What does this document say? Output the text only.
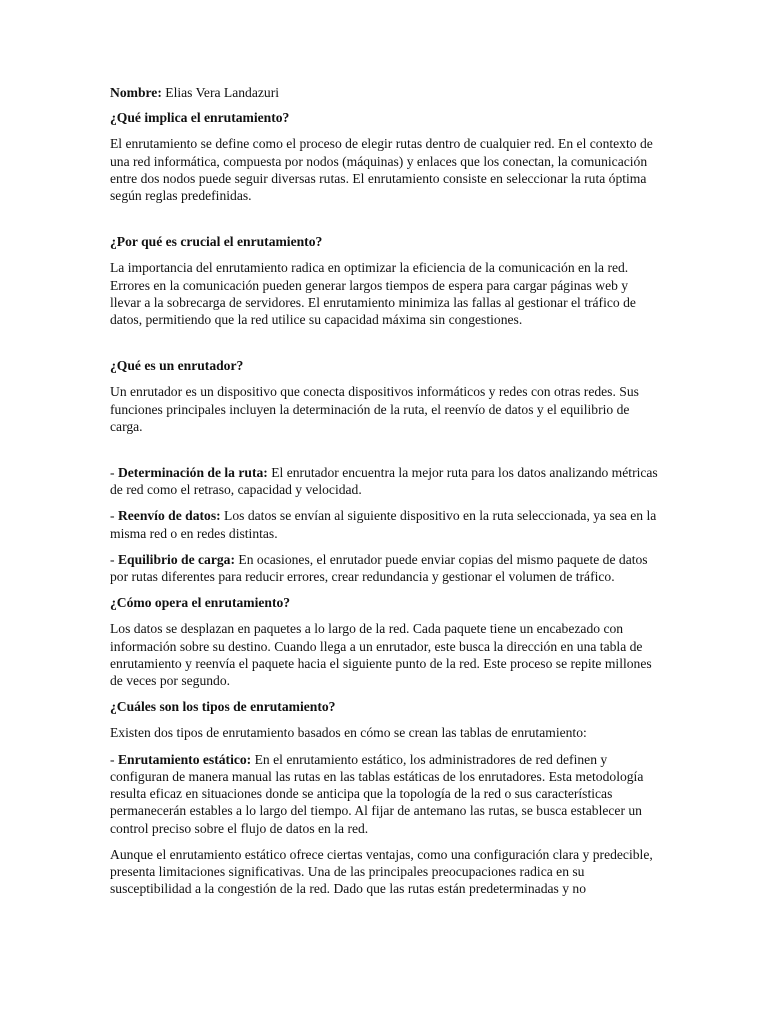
Nombre: Elias Vera Landazuri

¿Qué implica el enrutamiento?

El enrutamiento se define como el proceso de elegir rutas dentro de cualquier red. En el contexto de una red informática, compuesta por nodos (máquinas) y enlaces que los conectan, la comunicación entre dos nodos puede seguir diversas rutas. El enrutamiento consiste en seleccionar la ruta óptima según reglas predefinidas.

¿Por qué es crucial el enrutamiento?

La importancia del enrutamiento radica en optimizar la eficiencia de la comunicación en la red. Errores en la comunicación pueden generar largos tiempos de espera para cargar páginas web y llevar a la sobrecarga de servidores. El enrutamiento minimiza las fallas al gestionar el tráfico de datos, permitiendo que la red utilice su capacidad máxima sin congestiones.

¿Qué es un enrutador?

Un enrutador es un dispositivo que conecta dispositivos informáticos y redes con otras redes. Sus funciones principales incluyen la determinación de la ruta, el reenvío de datos y el equilibrio de carga.

- Determinación de la ruta: El enrutador encuentra la mejor ruta para los datos analizando métricas de red como el retraso, capacidad y velocidad.

- Reenvío de datos: Los datos se envían al siguiente dispositivo en la ruta seleccionada, ya sea en la misma red o en redes distintas.

- Equilibrio de carga: En ocasiones, el enrutador puede enviar copias del mismo paquete de datos por rutas diferentes para reducir errores, crear redundancia y gestionar el volumen de tráfico.

¿Cómo opera el enrutamiento?

Los datos se desplazan en paquetes a lo largo de la red. Cada paquete tiene un encabezado con información sobre su destino. Cuando llega a un enrutador, este busca la dirección en una tabla de enrutamiento y reenvía el paquete hacia el siguiente punto de la red. Este proceso se repite millones de veces por segundo.

¿Cuáles son los tipos de enrutamiento?

Existen dos tipos de enrutamiento basados en cómo se crean las tablas de enrutamiento:

- Enrutamiento estático: En el enrutamiento estático, los administradores de red definen y configuran de manera manual las rutas en las tablas estáticas de los enrutadores. Esta metodología resulta eficaz en situaciones donde se anticipa que la topología de la red o sus características permanecerán estables a lo largo del tiempo. Al fijar de antemano las rutas, se busca establecer un control preciso sobre el flujo de datos en la red.

Aunque el enrutamiento estático ofrece ciertas ventajas, como una configuración clara y predecible, presenta limitaciones significativas. Una de las principales preocupaciones radica en su susceptibilidad a la congestión de la red. Dado que las rutas están predeterminadas y no
